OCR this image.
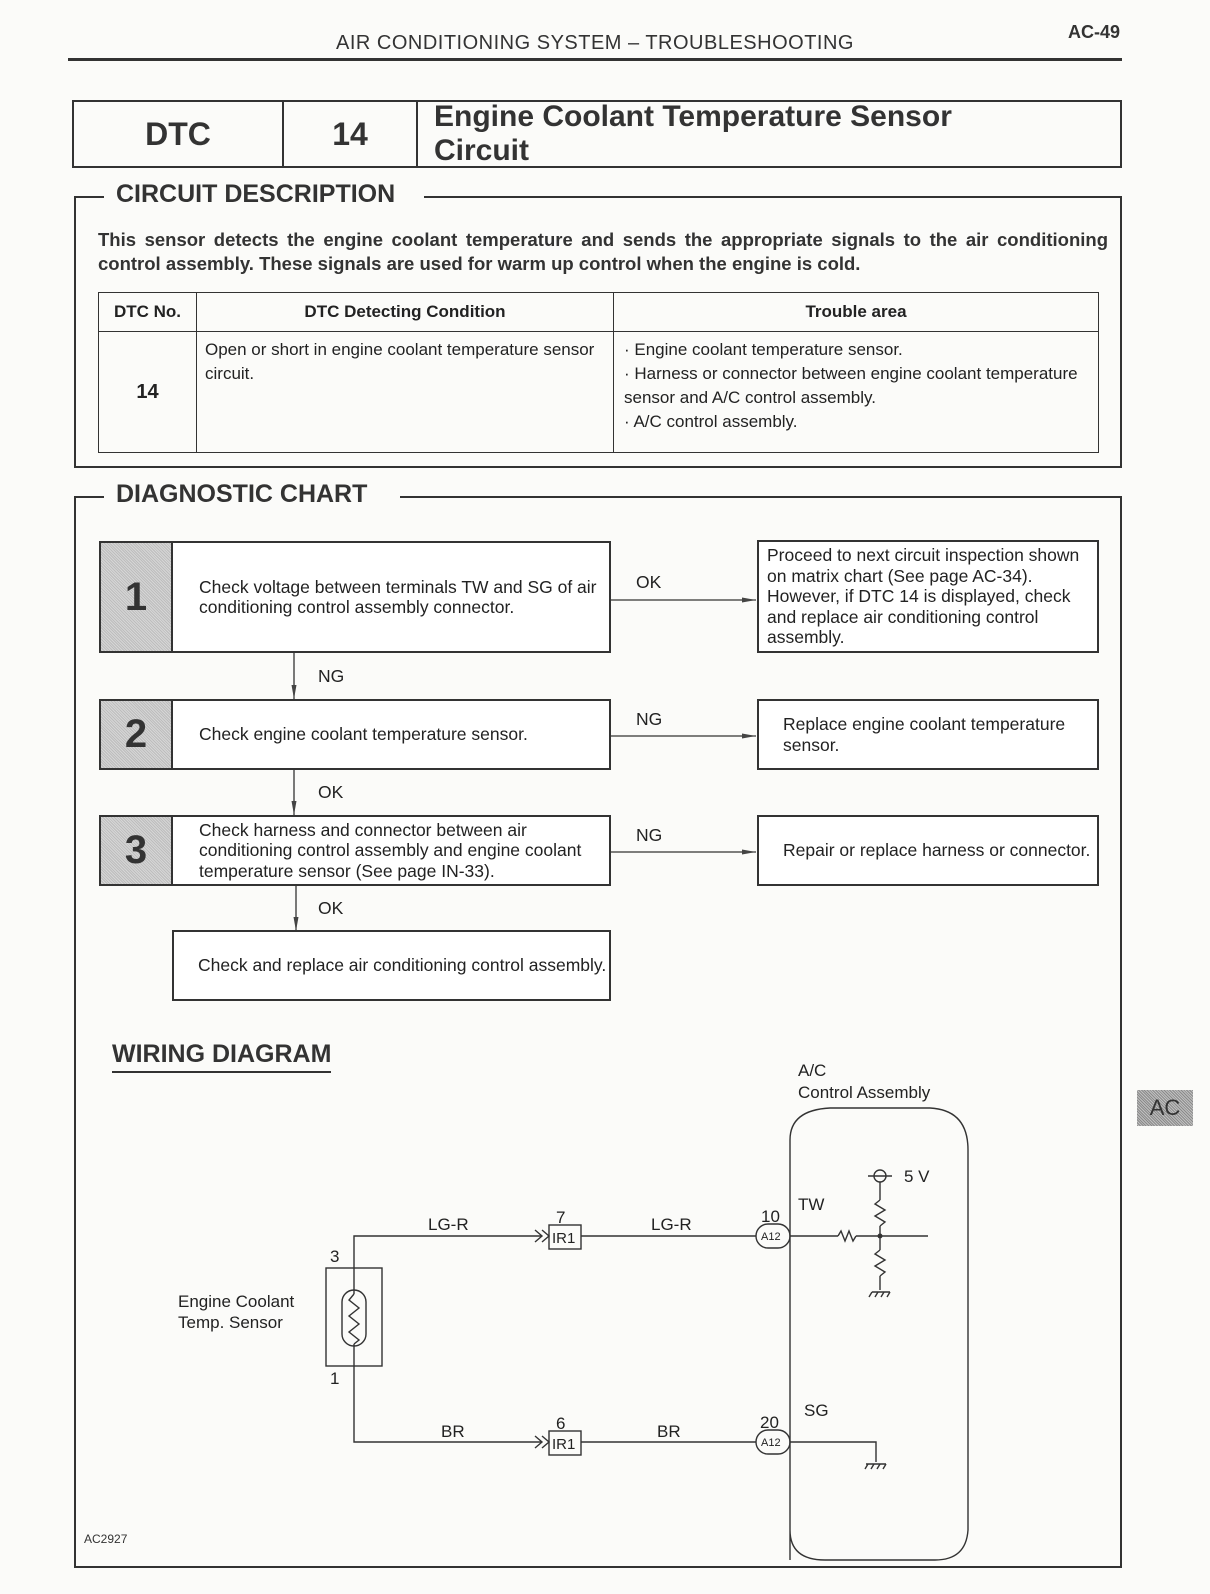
AIR CONDITIONING SYSTEM – TROUBLESHOOTING	AC-49
DTC	14	Engine Coolant Temperature Sensor Circuit
CIRCUIT DESCRIPTION
This sensor detects the engine coolant temperature and sends the appropriate signals to the air conditioning control assembly. These signals are used for warm up control when the engine is cold.
DTC No.	DTC Detecting Condition	Trouble area
14	Open or short in engine coolant temperature sensor circuit.	· Engine coolant temperature sensor.
· Harness or connector between engine coolant temperature sensor and A/C control assembly.
· A/C control assembly.
DIAGNOSTIC CHART
1	Check voltage between terminals TW and SG of air conditioning control assembly connector.
2	Check engine coolant temperature sensor.
3	Check harness and connector between air conditioning control assembly and engine coolant temperature sensor (See page IN-33).
Check and replace air conditioning control assembly.
Proceed to next circuit inspection shown on matrix chart (See page AC-34). However, if DTC 14 is displayed, check and replace air conditioning control assembly.
Replace engine coolant temperature sensor.
Repair or replace harness or connector.
OK
NG
NG
NG
OK
OK
WIRING DIAGRAM
Engine Coolant
Temp. Sensor
3
1
LG-R	LG-R
BR	BR
7
6
10
20
TW
SG
5 V
A/C
Control Assembly
IR1
IR1
A12
A12
AC
AC2927
